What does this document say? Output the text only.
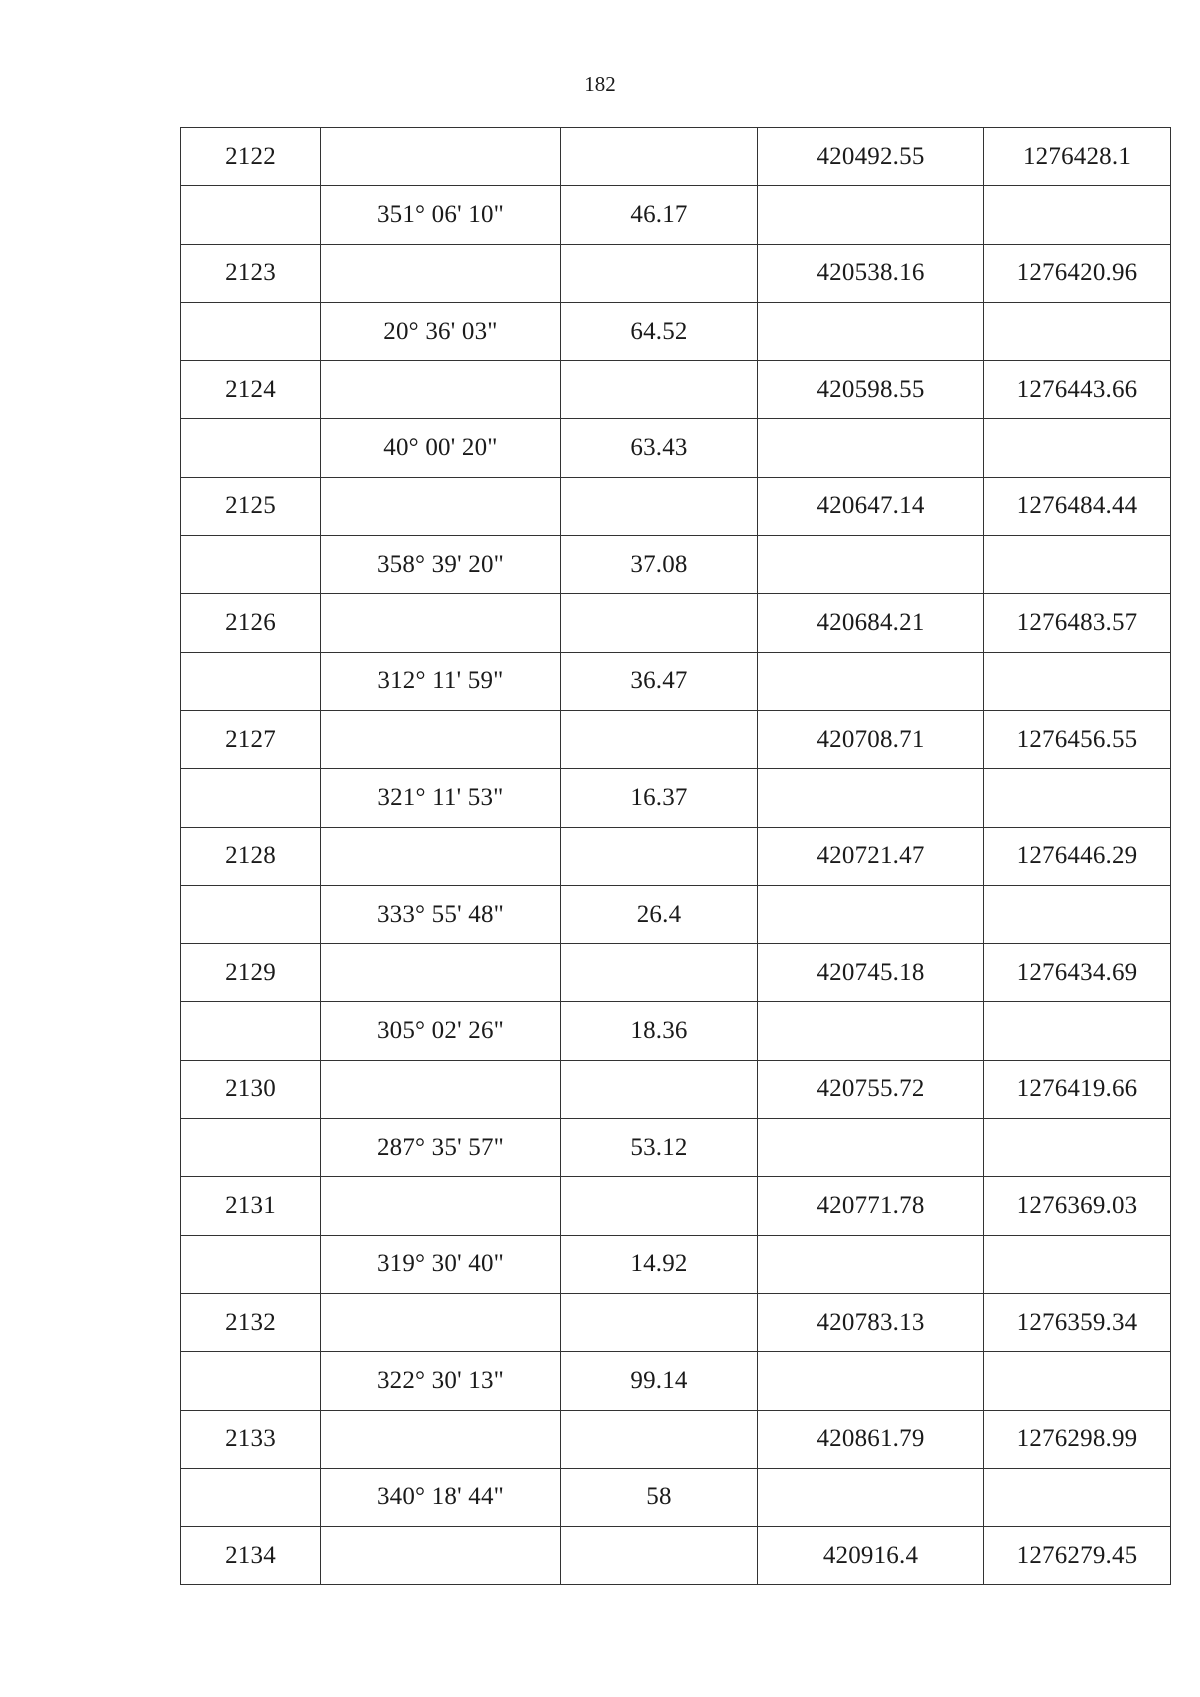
182
2122			420492.55	1276428.1
	351° 06' 10"	46.17		
2123			420538.16	1276420.96
	20° 36' 03"	64.52		
2124			420598.55	1276443.66
	40° 00' 20"	63.43		
2125			420647.14	1276484.44
	358° 39' 20"	37.08		
2126			420684.21	1276483.57
	312° 11' 59"	36.47		
2127			420708.71	1276456.55
	321° 11' 53"	16.37		
2128			420721.47	1276446.29
	333° 55' 48"	26.4		
2129			420745.18	1276434.69
	305° 02' 26"	18.36		
2130			420755.72	1276419.66
	287° 35' 57"	53.12		
2131			420771.78	1276369.03
	319° 30' 40"	14.92		
2132			420783.13	1276359.34
	322° 30' 13"	99.14		
2133			420861.79	1276298.99
	340° 18' 44"	58		
2134			420916.4	1276279.45
